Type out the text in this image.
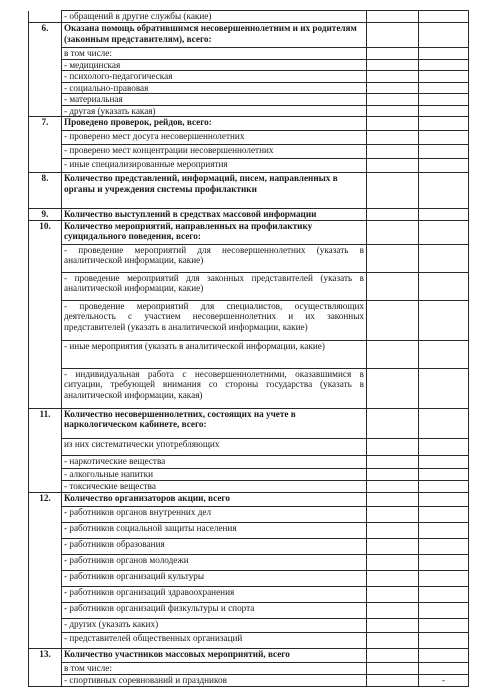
	- обращений в другие службы (какие)		
6.	Оказана помощь обратившимся несовершеннолетним и их родителям (законным представителям), всего:		
	в том числе:		
	- медицинская		
	- психолого-педагогическая		
	- социально-правовая		
	- материальная		
	- другая (указать какая)		
7.	Проведено проверок, рейдов, всего:		
	- проверено мест досуга несовершеннолетних		
	- проверено мест концентрации несовершеннолетних		
	- иные специализированные мероприятия		
8.	Количество представлений, информаций, писем, направленных в органы и учреждения системы профилактики		
9.	Количество выступлений в средствах массовой информации		
10.	Количество мероприятий, направленных на профилактику суицидального поведения, всего:		
	- проведение мероприятий для несовершеннолетних (указать в аналитической информации, какие)		
	- проведение мероприятий для законных представителей (указать в аналитической информации, какие)		
	- проведение мероприятий для специалистов, осуществляющих деятельность с участием несовершеннолетних и их законных представителей (указать в аналитической информации, какие)		
	- иные мероприятия (указать в аналитической информации, какие)		
	- индивидуальная работа с несовершеннолетними, оказавшимися в ситуации, требующей внимания со стороны государства (указать в аналитической информации, какая)		
11.	Количество несовершеннолетних, состоящих на учете в наркологическом кабинете, всего:		
	из них систематически употребляющих		
	- наркотические вещества		
	- алкогольные напитки		
	- токсические вещества		
12.	Количество организаторов акции, всего		
	- работников органов внутренних дел		
	- работников социальной защиты населения		
	- работников образования		
	- работников органов молодежи		
	- работников организаций культуры		
	- работников организаций здравоохранения		
	- работников организаций физкультуры и спорта		
	- других (указать каких)		
	- представителей общественных организаций		
13.	Количество участников массовых мероприятий, всего		
	в том числе:		
	- спортивных соревнований и праздников		-
